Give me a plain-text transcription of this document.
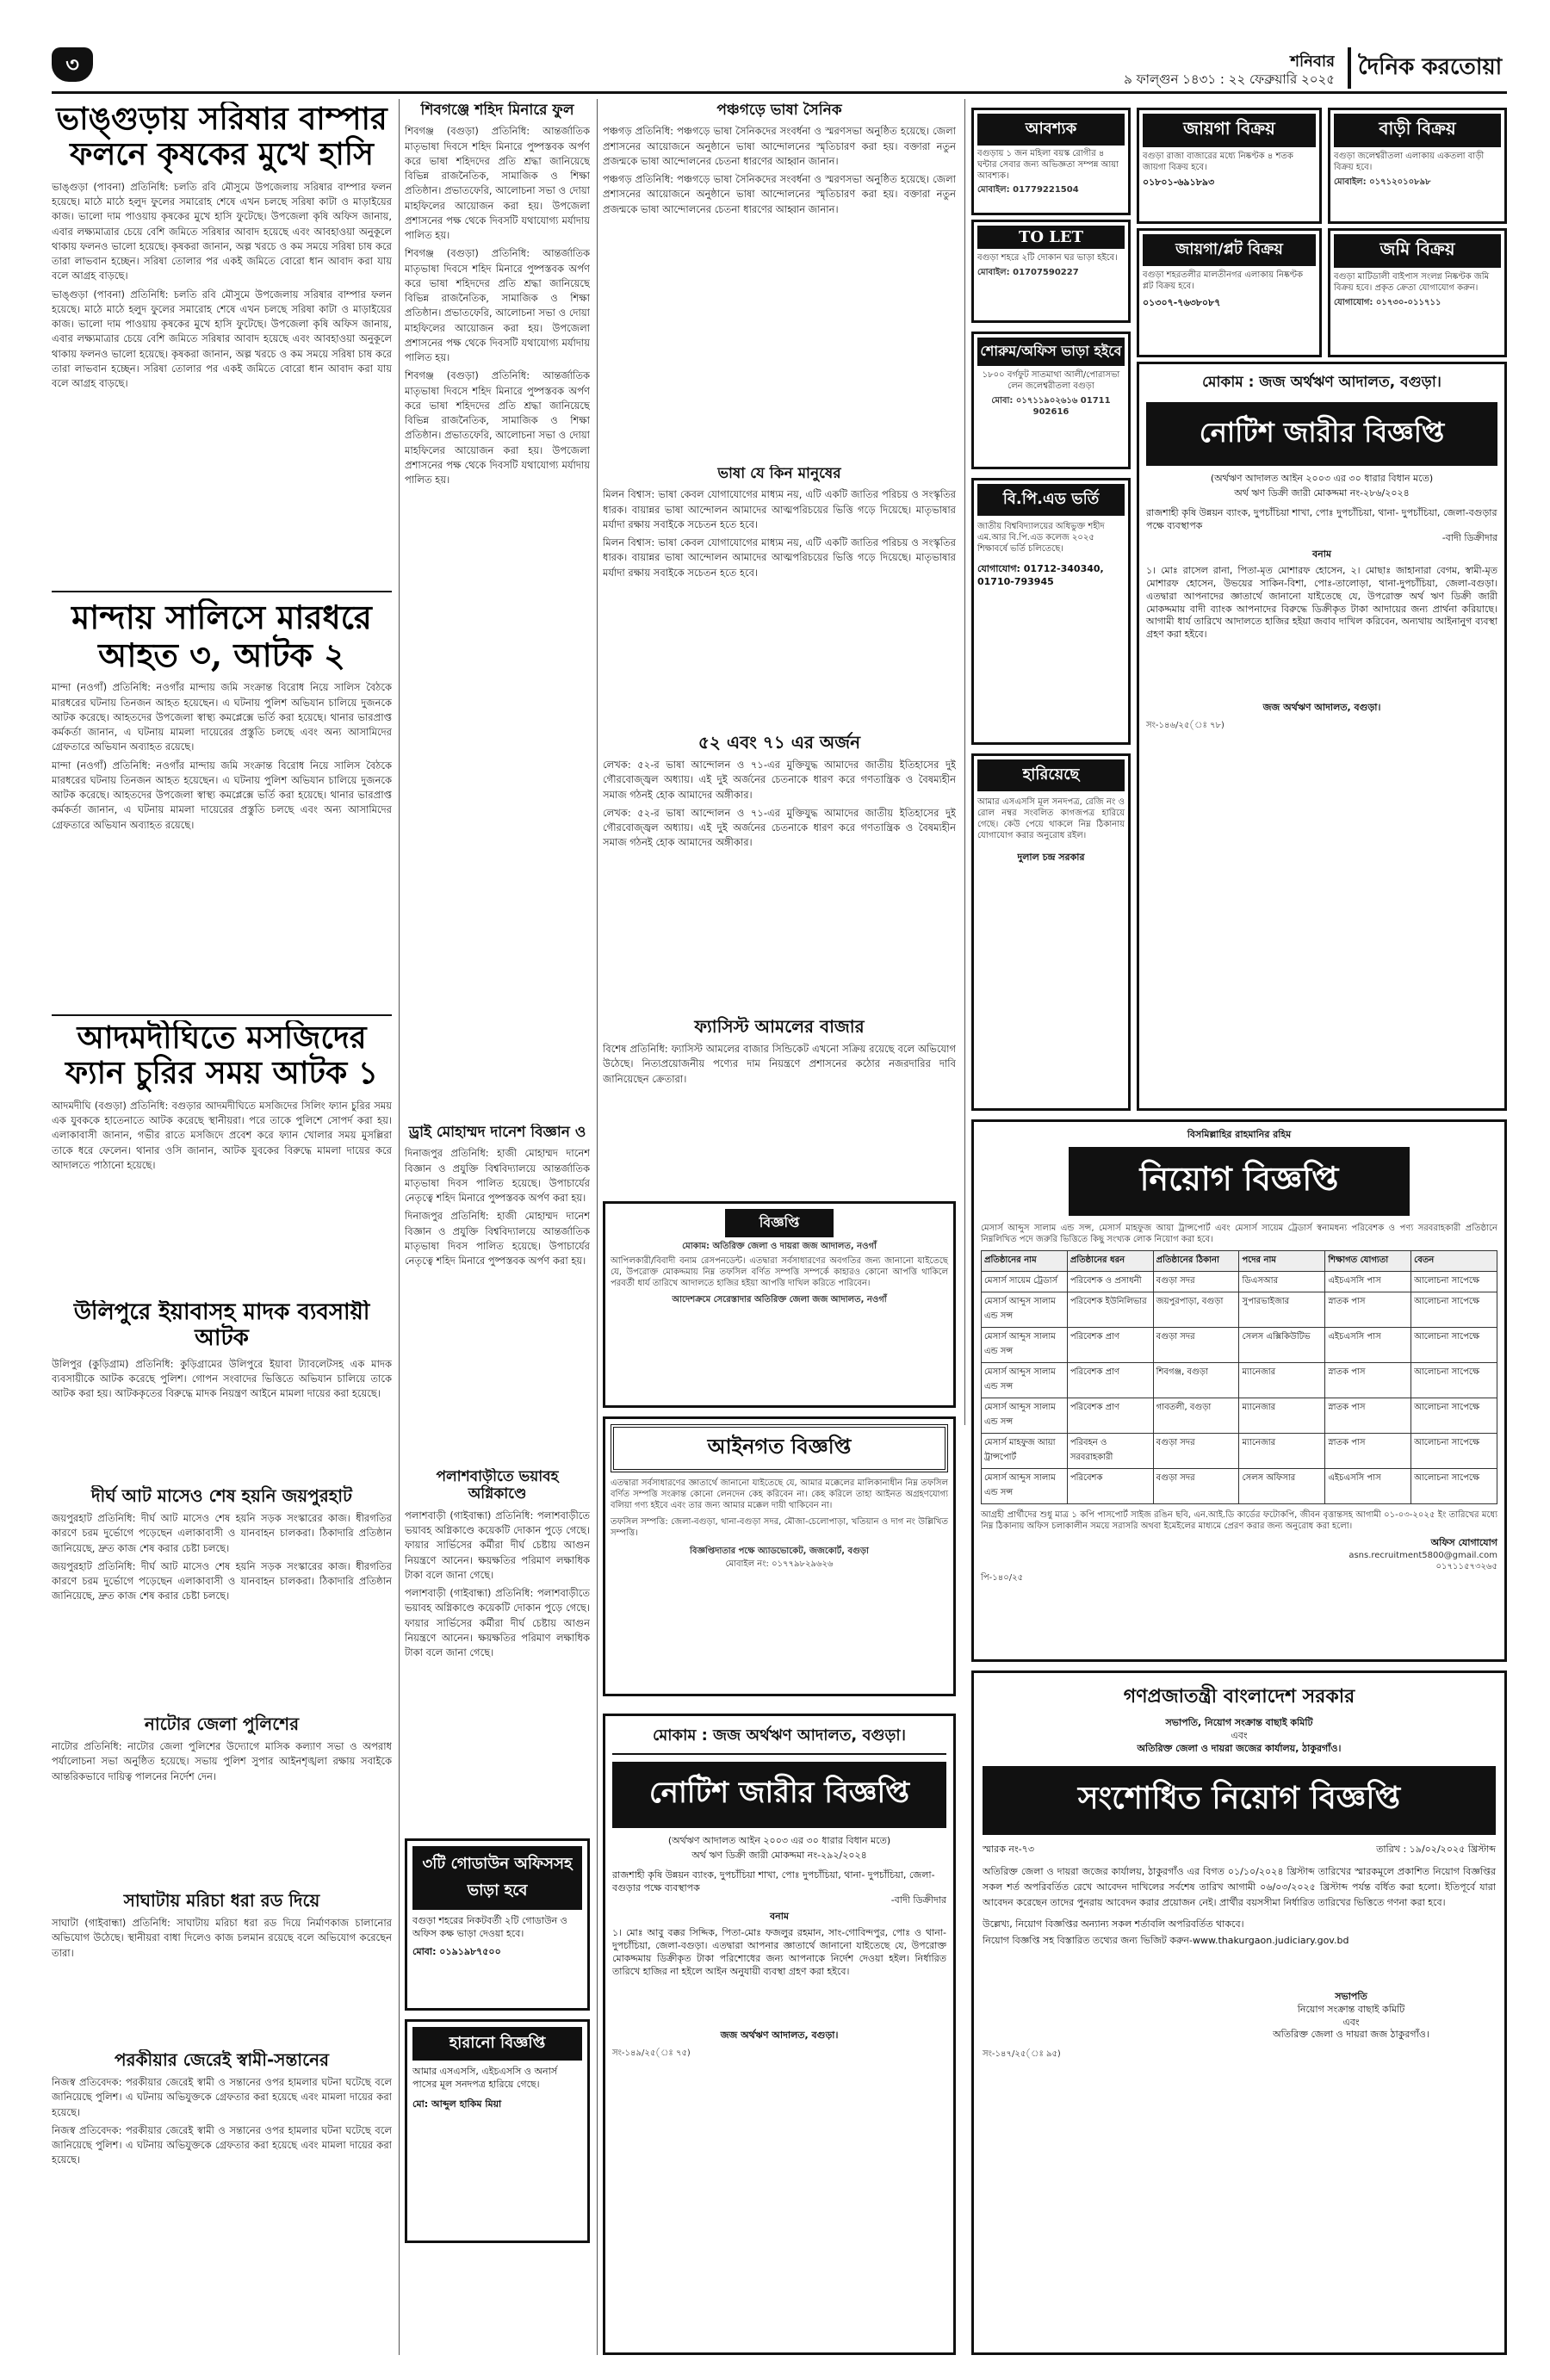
৩	শনিবার
৯ ফাল্গুন ১৪৩১ : ২২ ফেব্রুয়ারি ২০২৫	দৈনিক করতোয়া
ভাঙ্গুড়ায় সরিষার বাম্পার ফলনে কৃষকের মুখে হাসি

ভাঙ্গুড়া (পাবনা) প্রতিনিধি: চলতি রবি মৌসুমে উপজেলায় সরিষার বাম্পার ফলন হয়েছে। মাঠে মাঠে হলুদ ফুলের সমারোহ শেষে এখন চলছে সরিষা কাটা ও মাড়াইয়ের কাজ। ভালো দাম পাওয়ায় কৃষকের মুখে হাসি ফুটেছে। উপজেলা কৃষি অফিস জানায়, এবার লক্ষ্যমাত্রার চেয়ে বেশি জমিতে সরিষার আবাদ হয়েছে এবং আবহাওয়া অনুকূলে থাকায় ফলনও ভালো হয়েছে। কৃষকরা জানান, অল্প খরচে ও কম সময়ে সরিষা চাষ করে তারা লাভবান হচ্ছেন। সরিষা তোলার পর একই জমিতে বোরো ধান আবাদ করা যায় বলে আগ্রহ বাড়ছে।

ভাঙ্গুড়া (পাবনা) প্রতিনিধি: চলতি রবি মৌসুমে উপজেলায় সরিষার বাম্পার ফলন হয়েছে। মাঠে মাঠে হলুদ ফুলের সমারোহ শেষে এখন চলছে সরিষা কাটা ও মাড়াইয়ের কাজ। ভালো দাম পাওয়ায় কৃষকের মুখে হাসি ফুটেছে। উপজেলা কৃষি অফিস জানায়, এবার লক্ষ্যমাত্রার চেয়ে বেশি জমিতে সরিষার আবাদ হয়েছে এবং আবহাওয়া অনুকূলে থাকায় ফলনও ভালো হয়েছে। কৃষকরা জানান, অল্প খরচে ও কম সময়ে সরিষা চাষ করে তারা লাভবান হচ্ছেন। সরিষা তোলার পর একই জমিতে বোরো ধান আবাদ করা যায় বলে আগ্রহ বাড়ছে।

মান্দায় সালিসে মারধরে আহত ৩, আটক ২

মান্দা (নওগাঁ) প্রতিনিধি: নওগাঁর মান্দায় জমি সংক্রান্ত বিরোধ নিয়ে সালিস বৈঠকে মারধরের ঘটনায় তিনজন আহত হয়েছেন। এ ঘটনায় পুলিশ অভিযান চালিয়ে দুজনকে আটক করেছে। আহতদের উপজেলা স্বাস্থ্য কমপ্লেক্সে ভর্তি করা হয়েছে। থানার ভারপ্রাপ্ত কর্মকর্তা জানান, এ ঘটনায় মামলা দায়েরের প্রস্তুতি চলছে এবং অন্য আসামিদের গ্রেফতারে অভিযান অব্যাহত রয়েছে।

মান্দা (নওগাঁ) প্রতিনিধি: নওগাঁর মান্দায় জমি সংক্রান্ত বিরোধ নিয়ে সালিস বৈঠকে মারধরের ঘটনায় তিনজন আহত হয়েছেন। এ ঘটনায় পুলিশ অভিযান চালিয়ে দুজনকে আটক করেছে। আহতদের উপজেলা স্বাস্থ্য কমপ্লেক্সে ভর্তি করা হয়েছে। থানার ভারপ্রাপ্ত কর্মকর্তা জানান, এ ঘটনায় মামলা দায়েরের প্রস্তুতি চলছে এবং অন্য আসামিদের গ্রেফতারে অভিযান অব্যাহত রয়েছে।

আদমদীঘিতে মসজিদের ফ্যান চুরির সময় আটক ১

আদমদীঘি (বগুড়া) প্রতিনিধি: বগুড়ার আদমদীঘিতে মসজিদের সিলিং ফ্যান চুরির সময় এক যুবককে হাতেনাতে আটক করেছে স্থানীয়রা। পরে তাকে পুলিশে সোপর্দ করা হয়। এলাকাবাসী জানান, গভীর রাতে মসজিদে প্রবেশ করে ফ্যান খোলার সময় মুসল্লিরা তাকে ধরে ফেলেন। থানার ওসি জানান, আটক যুবকের বিরুদ্ধে মামলা দায়ের করে আদালতে পাঠানো হয়েছে।

উলিপুরে ইয়াবাসহ মাদক ব্যবসায়ী আটক

উলিপুর (কুড়িগ্রাম) প্রতিনিধি: কুড়িগ্রামের উলিপুরে ইয়াবা ট্যাবলেটসহ এক মাদক ব্যবসায়ীকে আটক করেছে পুলিশ। গোপন সংবাদের ভিত্তিতে অভিযান চালিয়ে তাকে আটক করা হয়। আটককৃতের বিরুদ্ধে মাদক নিয়ন্ত্রণ আইনে মামলা দায়ের করা হয়েছে।

দীর্ঘ আট মাসেও শেষ হয়নি জয়পুরহাট

জয়পুরহাট প্রতিনিধি: দীর্ঘ আট মাসেও শেষ হয়নি সড়ক সংস্কারের কাজ। ধীরগতির কারণে চরম দুর্ভোগে পড়েছেন এলাকাবাসী ও যানবাহন চালকরা। ঠিকাদারি প্রতিষ্ঠান জানিয়েছে, দ্রুত কাজ শেষ করার চেষ্টা চলছে।

জয়পুরহাট প্রতিনিধি: দীর্ঘ আট মাসেও শেষ হয়নি সড়ক সংস্কারের কাজ। ধীরগতির কারণে চরম দুর্ভোগে পড়েছেন এলাকাবাসী ও যানবাহন চালকরা। ঠিকাদারি প্রতিষ্ঠান জানিয়েছে, দ্রুত কাজ শেষ করার চেষ্টা চলছে।

নাটোর জেলা পুলিশের

নাটোর প্রতিনিধি: নাটোর জেলা পুলিশের উদ্যোগে মাসিক কল্যাণ সভা ও অপরাধ পর্যালোচনা সভা অনুষ্ঠিত হয়েছে। সভায় পুলিশ সুপার আইনশৃঙ্খলা রক্ষায় সবাইকে আন্তরিকভাবে দায়িত্ব পালনের নির্দেশ দেন।

সাঘাটায় মরিচা ধরা রড দিয়ে

সাঘাটা (গাইবান্ধা) প্রতিনিধি: সাঘাটায় মরিচা ধরা রড দিয়ে নির্মাণকাজ চালানোর অভিযোগ উঠেছে। স্থানীয়রা বাধা দিলেও কাজ চলমান রয়েছে বলে অভিযোগ করেছেন তারা।

পরকীয়ার জেরেই স্বামী-সন্তানের

নিজস্ব প্রতিবেদক: পরকীয়ার জেরেই স্বামী ও সন্তানের ওপর হামলার ঘটনা ঘটেছে বলে জানিয়েছে পুলিশ। এ ঘটনায় অভিযুক্তকে গ্রেফতার করা হয়েছে এবং মামলা দায়ের করা হয়েছে।

নিজস্ব প্রতিবেদক: পরকীয়ার জেরেই স্বামী ও সন্তানের ওপর হামলার ঘটনা ঘটেছে বলে জানিয়েছে পুলিশ। এ ঘটনায় অভিযুক্তকে গ্রেফতার করা হয়েছে এবং মামলা দায়ের করা হয়েছে।

শিবগঞ্জে শহিদ মিনারে ফুল

শিবগঞ্জ (বগুড়া) প্রতিনিধি: আন্তর্জাতিক মাতৃভাষা দিবসে শহিদ মিনারে পুষ্পস্তবক অর্পণ করে ভাষা শহিদদের প্রতি শ্রদ্ধা জানিয়েছে বিভিন্ন রাজনৈতিক, সামাজিক ও শিক্ষা প্রতিষ্ঠান। প্রভাতফেরি, আলোচনা সভা ও দোয়া মাহফিলের আয়োজন করা হয়। উপজেলা প্রশাসনের পক্ষ থেকে দিবসটি যথাযোগ্য মর্যাদায় পালিত হয়।

শিবগঞ্জ (বগুড়া) প্রতিনিধি: আন্তর্জাতিক মাতৃভাষা দিবসে শহিদ মিনারে পুষ্পস্তবক অর্পণ করে ভাষা শহিদদের প্রতি শ্রদ্ধা জানিয়েছে বিভিন্ন রাজনৈতিক, সামাজিক ও শিক্ষা প্রতিষ্ঠান। প্রভাতফেরি, আলোচনা সভা ও দোয়া মাহফিলের আয়োজন করা হয়। উপজেলা প্রশাসনের পক্ষ থেকে দিবসটি যথাযোগ্য মর্যাদায় পালিত হয়।

শিবগঞ্জ (বগুড়া) প্রতিনিধি: আন্তর্জাতিক মাতৃভাষা দিবসে শহিদ মিনারে পুষ্পস্তবক অর্পণ করে ভাষা শহিদদের প্রতি শ্রদ্ধা জানিয়েছে বিভিন্ন রাজনৈতিক, সামাজিক ও শিক্ষা প্রতিষ্ঠান। প্রভাতফেরি, আলোচনা সভা ও দোয়া মাহফিলের আয়োজন করা হয়। উপজেলা প্রশাসনের পক্ষ থেকে দিবসটি যথাযোগ্য মর্যাদায় পালিত হয়।

ড্রাই মোহাম্মদ দানেশ বিজ্ঞান ও

দিনাজপুর প্রতিনিধি: হাজী মোহাম্মদ দানেশ বিজ্ঞান ও প্রযুক্তি বিশ্ববিদ্যালয়ে আন্তর্জাতিক মাতৃভাষা দিবস পালিত হয়েছে। উপাচার্যের নেতৃত্বে শহিদ মিনারে পুষ্পস্তবক অর্পণ করা হয়।

দিনাজপুর প্রতিনিধি: হাজী মোহাম্মদ দানেশ বিজ্ঞান ও প্রযুক্তি বিশ্ববিদ্যালয়ে আন্তর্জাতিক মাতৃভাষা দিবস পালিত হয়েছে। উপাচার্যের নেতৃত্বে শহিদ মিনারে পুষ্পস্তবক অর্পণ করা হয়।

পলাশবাড়ীতে ভয়াবহ অগ্নিকাণ্ডে

পলাশবাড়ী (গাইবান্ধা) প্রতিনিধি: পলাশবাড়ীতে ভয়াবহ অগ্নিকাণ্ডে কয়েকটি দোকান পুড়ে গেছে। ফায়ার সার্ভিসের কর্মীরা দীর্ঘ চেষ্টায় আগুন নিয়ন্ত্রণে আনেন। ক্ষয়ক্ষতির পরিমাণ লক্ষাধিক টাকা বলে জানা গেছে।

পলাশবাড়ী (গাইবান্ধা) প্রতিনিধি: পলাশবাড়ীতে ভয়াবহ অগ্নিকাণ্ডে কয়েকটি দোকান পুড়ে গেছে। ফায়ার সার্ভিসের কর্মীরা দীর্ঘ চেষ্টায় আগুন নিয়ন্ত্রণে আনেন। ক্ষয়ক্ষতির পরিমাণ লক্ষাধিক টাকা বলে জানা গেছে।

৩টি গোডাউন অফিসসহ ভাড়া হবে
বগুড়া শহরের নিকটবর্তী ২টি গোডাউন ও অফিস কক্ষ ভাড়া দেওয়া হবে।
মোবা: ০১৯১৯৮৭৫০০
হারানো বিজ্ঞপ্তি
আমার এসএসসি, এইচএসসি ও অনার্স পাসের মূল সনদপত্র হারিয়ে গেছে।
মো: আব্দুল হাকিম মিয়া
পঞ্চগড়ে ভাষা সৈনিক

পঞ্চগড় প্রতিনিধি: পঞ্চগড়ে ভাষা সৈনিকদের সংবর্ধনা ও স্মরণসভা অনুষ্ঠিত হয়েছে। জেলা প্রশাসনের আয়োজনে অনুষ্ঠানে ভাষা আন্দোলনের স্মৃতিচারণ করা হয়। বক্তারা নতুন প্রজন্মকে ভাষা আন্দোলনের চেতনা ধারণের আহ্বান জানান।

পঞ্চগড় প্রতিনিধি: পঞ্চগড়ে ভাষা সৈনিকদের সংবর্ধনা ও স্মরণসভা অনুষ্ঠিত হয়েছে। জেলা প্রশাসনের আয়োজনে অনুষ্ঠানে ভাষা আন্দোলনের স্মৃতিচারণ করা হয়। বক্তারা নতুন প্রজন্মকে ভাষা আন্দোলনের চেতনা ধারণের আহ্বান জানান।

ভাষা যে কিন মানুষের

মিলন বিশ্বাস: ভাষা কেবল যোগাযোগের মাধ্যম নয়, এটি একটি জাতির পরিচয় ও সংস্কৃতির ধারক। বায়ান্নর ভাষা আন্দোলন আমাদের আত্মপরিচয়ের ভিত্তি গড়ে দিয়েছে। মাতৃভাষার মর্যাদা রক্ষায় সবাইকে সচেতন হতে হবে।

মিলন বিশ্বাস: ভাষা কেবল যোগাযোগের মাধ্যম নয়, এটি একটি জাতির পরিচয় ও সংস্কৃতির ধারক। বায়ান্নর ভাষা আন্দোলন আমাদের আত্মপরিচয়ের ভিত্তি গড়ে দিয়েছে। মাতৃভাষার মর্যাদা রক্ষায় সবাইকে সচেতন হতে হবে।

৫২ এবং ৭১ এর অর্জন

লেখক: ৫২-র ভাষা আন্দোলন ও ৭১-এর মুক্তিযুদ্ধ আমাদের জাতীয় ইতিহাসের দুই গৌরবোজ্জ্বল অধ্যায়। এই দুই অর্জনের চেতনাকে ধারণ করে গণতান্ত্রিক ও বৈষম্যহীন সমাজ গঠনই হোক আমাদের অঙ্গীকার।

লেখক: ৫২-র ভাষা আন্দোলন ও ৭১-এর মুক্তিযুদ্ধ আমাদের জাতীয় ইতিহাসের দুই গৌরবোজ্জ্বল অধ্যায়। এই দুই অর্জনের চেতনাকে ধারণ করে গণতান্ত্রিক ও বৈষম্যহীন সমাজ গঠনই হোক আমাদের অঙ্গীকার।

ফ্যাসিস্ট আমলের বাজার

বিশেষ প্রতিনিধি: ফ্যাসিস্ট আমলের বাজার সিন্ডিকেট এখনো সক্রিয় রয়েছে বলে অভিযোগ উঠেছে। নিত্যপ্রয়োজনীয় পণ্যের দাম নিয়ন্ত্রণে প্রশাসনের কঠোর নজরদারির দাবি জানিয়েছেন ক্রেতারা।

বিজ্ঞপ্তি
মোকাম: অতিরিক্ত জেলা ও দায়রা জজ আদালত, নওগাঁ
আপিলকারী/বিবাদী বনাম রেসপনডেন্ট। এতদ্বারা সর্বসাধারণের অবগতির জন্য জানানো যাইতেছে যে, উপরোক্ত মোকদ্দমায় নিম্ন তফসিল বর্ণিত সম্পত্তি সম্পর্কে কাহারও কোনো আপত্তি থাকিলে পরবর্তী ধার্য তারিখে আদালতে হাজির হইয়া আপত্তি দাখিল করিতে পারিবেন।
আদেশক্রমে সেরেস্তাদার অতিরিক্ত জেলা জজ আদালত, নওগাঁ
আইনগত বিজ্ঞপ্তি
এতদ্বারা সর্বসাধারণের জ্ঞাতার্থে জানানো যাইতেছে যে, আমার মক্কেলের মালিকানাধীন নিম্ন তফসিল বর্ণিত সম্পত্তি সংক্রান্ত কোনো লেনদেন কেহ করিবেন না। কেহ করিলে তাহা আইনত অগ্রহণযোগ্য বলিয়া গণ্য হইবে এবং তার জন্য আমার মক্কেল দায়ী থাকিবেন না।
তফসিল সম্পত্তি: জেলা-বগুড়া, থানা-বগুড়া সদর, মৌজা-চেলোপাড়া, খতিয়ান ও দাগ নং উল্লিখিত সম্পত্তি।
বিজ্ঞপ্তিদাতার পক্ষে অ্যাডভোকেট, জজকোর্ট, বগুড়া
মোবাইল নং: ০১৭৭৯৮২৯৬২৬
মোকাম : জজ অর্থঋণ আদালত, বগুড়া।
নোটিশ জারীর বিজ্ঞপ্তি
(অর্থঋণ আদালত আইন ২০০৩ এর ৩০ ধারার বিধান মতে)
অর্থ ঋণ ডিক্রী জারী মোকদ্দমা নং-২৯২/২০২৪
রাজশাহী কৃষি উন্নয়ন ব্যাংক, দুপচাঁচিয়া শাখা, পোঃ দুপচাঁচিয়া, থানা- দুপচাঁচিয়া, জেলা-বগুড়ার পক্ষে ব্যবস্থাপক
-বাদী ডিক্রীদার
বনাম
১। মোঃ আবু বক্কর সিদ্দিক, পিতা-মোঃ ফজলুর রহমান, সাং-গোবিন্দপুর, পোঃ ও থানা-দুপচাঁচিয়া, জেলা-বগুড়া। এতদ্বারা আপনার জ্ঞাতার্থে জানানো যাইতেছে যে, উপরোক্ত মোকদ্দমায় ডিক্রীকৃত টাকা পরিশোধের জন্য আপনাকে নির্দেশ দেওয়া হইল। নির্ধারিত তারিখে হাজির না হইলে আইন অনুযায়ী ব্যবস্থা গ্রহণ করা হইবে।
জজ অর্থঋণ আদালত, বগুড়া।
সং-১৪৯/২৫(ঃ ৭৫)
আবশ্যক
বগুড়ায় ১ জন মহিলা বয়স্ক রোগীর ৪ ঘন্টার সেবার জন্য অভিজ্ঞতা সম্পন্ন আয়া আবশ্যক।
মোবাইল: 01779221504
TO LET
বগুড়া শহরে ২টি দোকান ঘর ভাড়া হইবে।
মোবাইল: 01707590227
জায়গা বিক্রয়
বগুড়া রাজা বাজারের মধ্যে নিষ্কণ্টক ৪ শতক জায়গা বিক্রয় হবে।
০১৮০১-৬৯১৮৯৩
জায়গা/প্লট বিক্রয়
বগুড়া শহরতলীর মালতীনগর এলাকায় নিষ্কণ্টক প্লট বিক্রয় হবে।
০১৩০৭-৭৬৩৮০৮৭
বাড়ী বিক্রয়
বগুড়া জলেশ্বরীতলা এলাকায় একতলা বাড়ী বিক্রয় হবে।
মোবাইল: ০১৭১২০১০৮৯৮
জমি বিক্রয়
বগুড়া মাটিডালী বাইপাস সংলগ্ন নিষ্কণ্টক জমি বিক্রয় হবে। প্রকৃত ক্রেতা যোগাযোগ করুন।
যোগাযোগ: ০১৭৩০-০১১৭১১
শোরুম/অফিস ভাড়া হইবে
১৮০০ বর্গফুট সাতমাথা আলী/পোরাসভা লেন জলেশ্বরীতলা বগুড়া
মোবা: ০১৭১১৯০২৬১৬ 01711 902616
বি.পি.এড ভর্তি
জাতীয় বিশ্ববিদ্যালয়ের অধিভুক্ত শহীদ এম.আর বি.পি.এড কলেজ ২০২৫ শিক্ষাবর্ষে ভর্তি চলিতেছে।
যোগাযোগ: 01712-340340, 01710-793945
হারিয়েছে
আমার এসএসসি মূল সনদপত্র, রেজি নং ও রোল নম্বর সংবলিত কাগজপত্র হারিয়ে গেছে। কেউ পেয়ে থাকলে নিম্ন ঠিকানায় যোগাযোগ করার অনুরোধ রইল।
দুলাল চন্দ্র সরকার
মোকাম : জজ অর্থঋণ আদালত, বগুড়া।
নোটিশ জারীর বিজ্ঞপ্তি
(অর্থঋণ আদালত আইন ২০০৩ এর ৩০ ধারার বিধান মতে)
অর্থ ঋণ ডিক্রী জারী মোকদ্দমা নং-২৮৬/২০২৪
রাজশাহী কৃষি উন্নয়ন ব্যাংক, দুপচাঁচিয়া শাখা, পোঃ দুপচাঁচিয়া, থানা- দুপচাঁচিয়া, জেলা-বগুড়ার পক্ষে ব্যবস্থাপক
-বাদী ডিক্রীদার
বনাম
১। মোঃ রাসেল রানা, পিতা-মৃত মোশারফ হোসেন, ২। মোছাঃ জাহানারা বেগম, স্বামী-মৃত মোশারফ হোসেন, উভয়ের সাকিন-বিশা, পোঃ-তালোড়া, থানা-দুপচাঁচিয়া, জেলা-বগুড়া। এতদ্বারা আপনাদের জ্ঞাতার্থে জানানো যাইতেছে যে, উপরোক্ত অর্থ ঋণ ডিক্রী জারী মোকদ্দমায় বাদী ব্যাংক আপনাদের বিরুদ্ধে ডিক্রীকৃত টাকা আদায়ের জন্য প্রার্থনা করিয়াছে। আগামী ধার্য তারিখে আদালতে হাজির হইয়া জবাব দাখিল করিবেন, অন্যথায় আইনানুগ ব্যবস্থা গ্রহণ করা হইবে।
জজ অর্থঋণ আদালত, বগুড়া।
সং-১৪৬/২৫(ঃ ৭৮)
বিসমিল্লাহির রাহমানির রহিম
নিয়োগ বিজ্ঞপ্তি
মেসার্স আব্দুস সালাম এন্ড সন্স, মেসার্স মাহফুজ আয়া ট্রান্সপোর্ট এবং মেসার্স সায়েম ট্রেডার্স স্বনামধন্য পরিবেশক ও পণ্য সরবরাহকারী প্রতিষ্ঠানে নিম্নলিখিত পদে জরুরি ভিত্তিতে কিছু সংখ্যক লোক নিয়োগ করা হবে।
প্রতিষ্ঠানের নাম	প্রতিষ্ঠানের ধরন	প্রতিষ্ঠানের ঠিকানা	পদের নাম	শিক্ষাগত যোগ্যতা	বেতন
মেসার্স সায়েম ট্রেডার্স	পরিবেশক ও প্রসাধনী	বগুড়া সদর	ডিএসআর	এইচএসসি পাস	আলোচনা সাপেক্ষে
মেসার্স আব্দুস সালাম এন্ড সন্স	পরিবেশক ইউনিলিভার	জয়পুরপাড়া, বগুড়া	সুপারভাইজার	স্নাতক পাস	আলোচনা সাপেক্ষে
মেসার্স আব্দুস সালাম এন্ড সন্স	পরিবেশক প্রাণ	বগুড়া সদর	সেলস এক্সিকিউটিভ	এইচএসসি পাস	আলোচনা সাপেক্ষে
মেসার্স আব্দুস সালাম এন্ড সন্স	পরিবেশক প্রাণ	শিবগঞ্জ, বগুড়া	ম্যানেজার	স্নাতক পাস	আলোচনা সাপেক্ষে
মেসার্স আব্দুস সালাম এন্ড সন্স	পরিবেশক প্রাণ	গাবতলী, বগুড়া	ম্যানেজার	স্নাতক পাস	আলোচনা সাপেক্ষে
মেসার্স মাহফুজ আয়া ট্রান্সপোর্ট	পরিবহন ও সরবরাহকারী	বগুড়া সদর	ম্যানেজার	স্নাতক পাস	আলোচনা সাপেক্ষে
মেসার্স আব্দুস সালাম এন্ড সন্স	পরিবেশক	বগুড়া সদর	সেলস অফিসার	এইচএসসি পাস	আলোচনা সাপেক্ষে
আগ্রহী প্রার্থীদের শুধু মাত্র ১ কপি পাসপোর্ট সাইজ রঙিন ছবি, এন.আই.ডি কার্ডের ফটোকপি, জীবন বৃত্তান্তসহ আগামী ০১-০৩-২০২৫ ইং তারিখের মধ্যে নিম্ন ঠিকানায় অফিস চলাকালীন সময়ে সরাসরি অথবা ইমেইলের মাধ্যমে প্রেরণ করার জন্য অনুরোধ করা হলো।
অফিস যোগাযোগ
asns.recruitment5800@gmail.com
০১৭১১৫৭৩২৬৫
পি-১৪০/২৫
গণপ্রজাতন্ত্রী বাংলাদেশ সরকার
সভাপতি, নিয়োগ সংক্রান্ত বাছাই কমিটি
এবং
অতিরিক্ত জেলা ও দায়রা জজের কার্যালয়, ঠাকুরগাঁও।
সংশোধিত নিয়োগ বিজ্ঞপ্তি
স্মারক নং-৭৩	তারিখ : ১৯/০২/২০২৫ খ্রিস্টাব্দ
অতিরিক্ত জেলা ও দায়রা জজের কার্যালয়, ঠাকুরগাঁও এর বিগত ০১/১০/২০২৪ খ্রিস্টাব্দ তারিখের স্মারকমূলে প্রকাশিত নিয়োগ বিজ্ঞপ্তির সকল শর্ত অপরিবর্তিত রেখে আবেদন দাখিলের সর্বশেষ তারিখ আগামী ০৬/০৩/২০২৫ খ্রিস্টাব্দ পর্যন্ত বর্ধিত করা হলো। ইতিপূর্বে যারা আবেদন করেছেন তাদের পুনরায় আবেদন করার প্রয়োজন নেই। প্রার্থীর বয়সসীমা নির্ধারিত তারিখের ভিত্তিতে গণনা করা হবে।
উল্লেখ্য, নিয়োগ বিজ্ঞপ্তির অন্যান্য সকল শর্তাবলি অপরিবর্তিত থাকবে।
নিয়োগ বিজ্ঞপ্তি সহ বিস্তারিত তথ্যের জন্য ভিজিট করুন-www.thakurgaon.judiciary.gov.bd
সভাপতি
নিয়োগ সংক্রান্ত বাছাই কমিটি
এবং
অতিরিক্ত জেলা ও দায়রা জজ ঠাকুরগাঁও।
সং-১৪৭/২৫(ঃ ৯৫)
